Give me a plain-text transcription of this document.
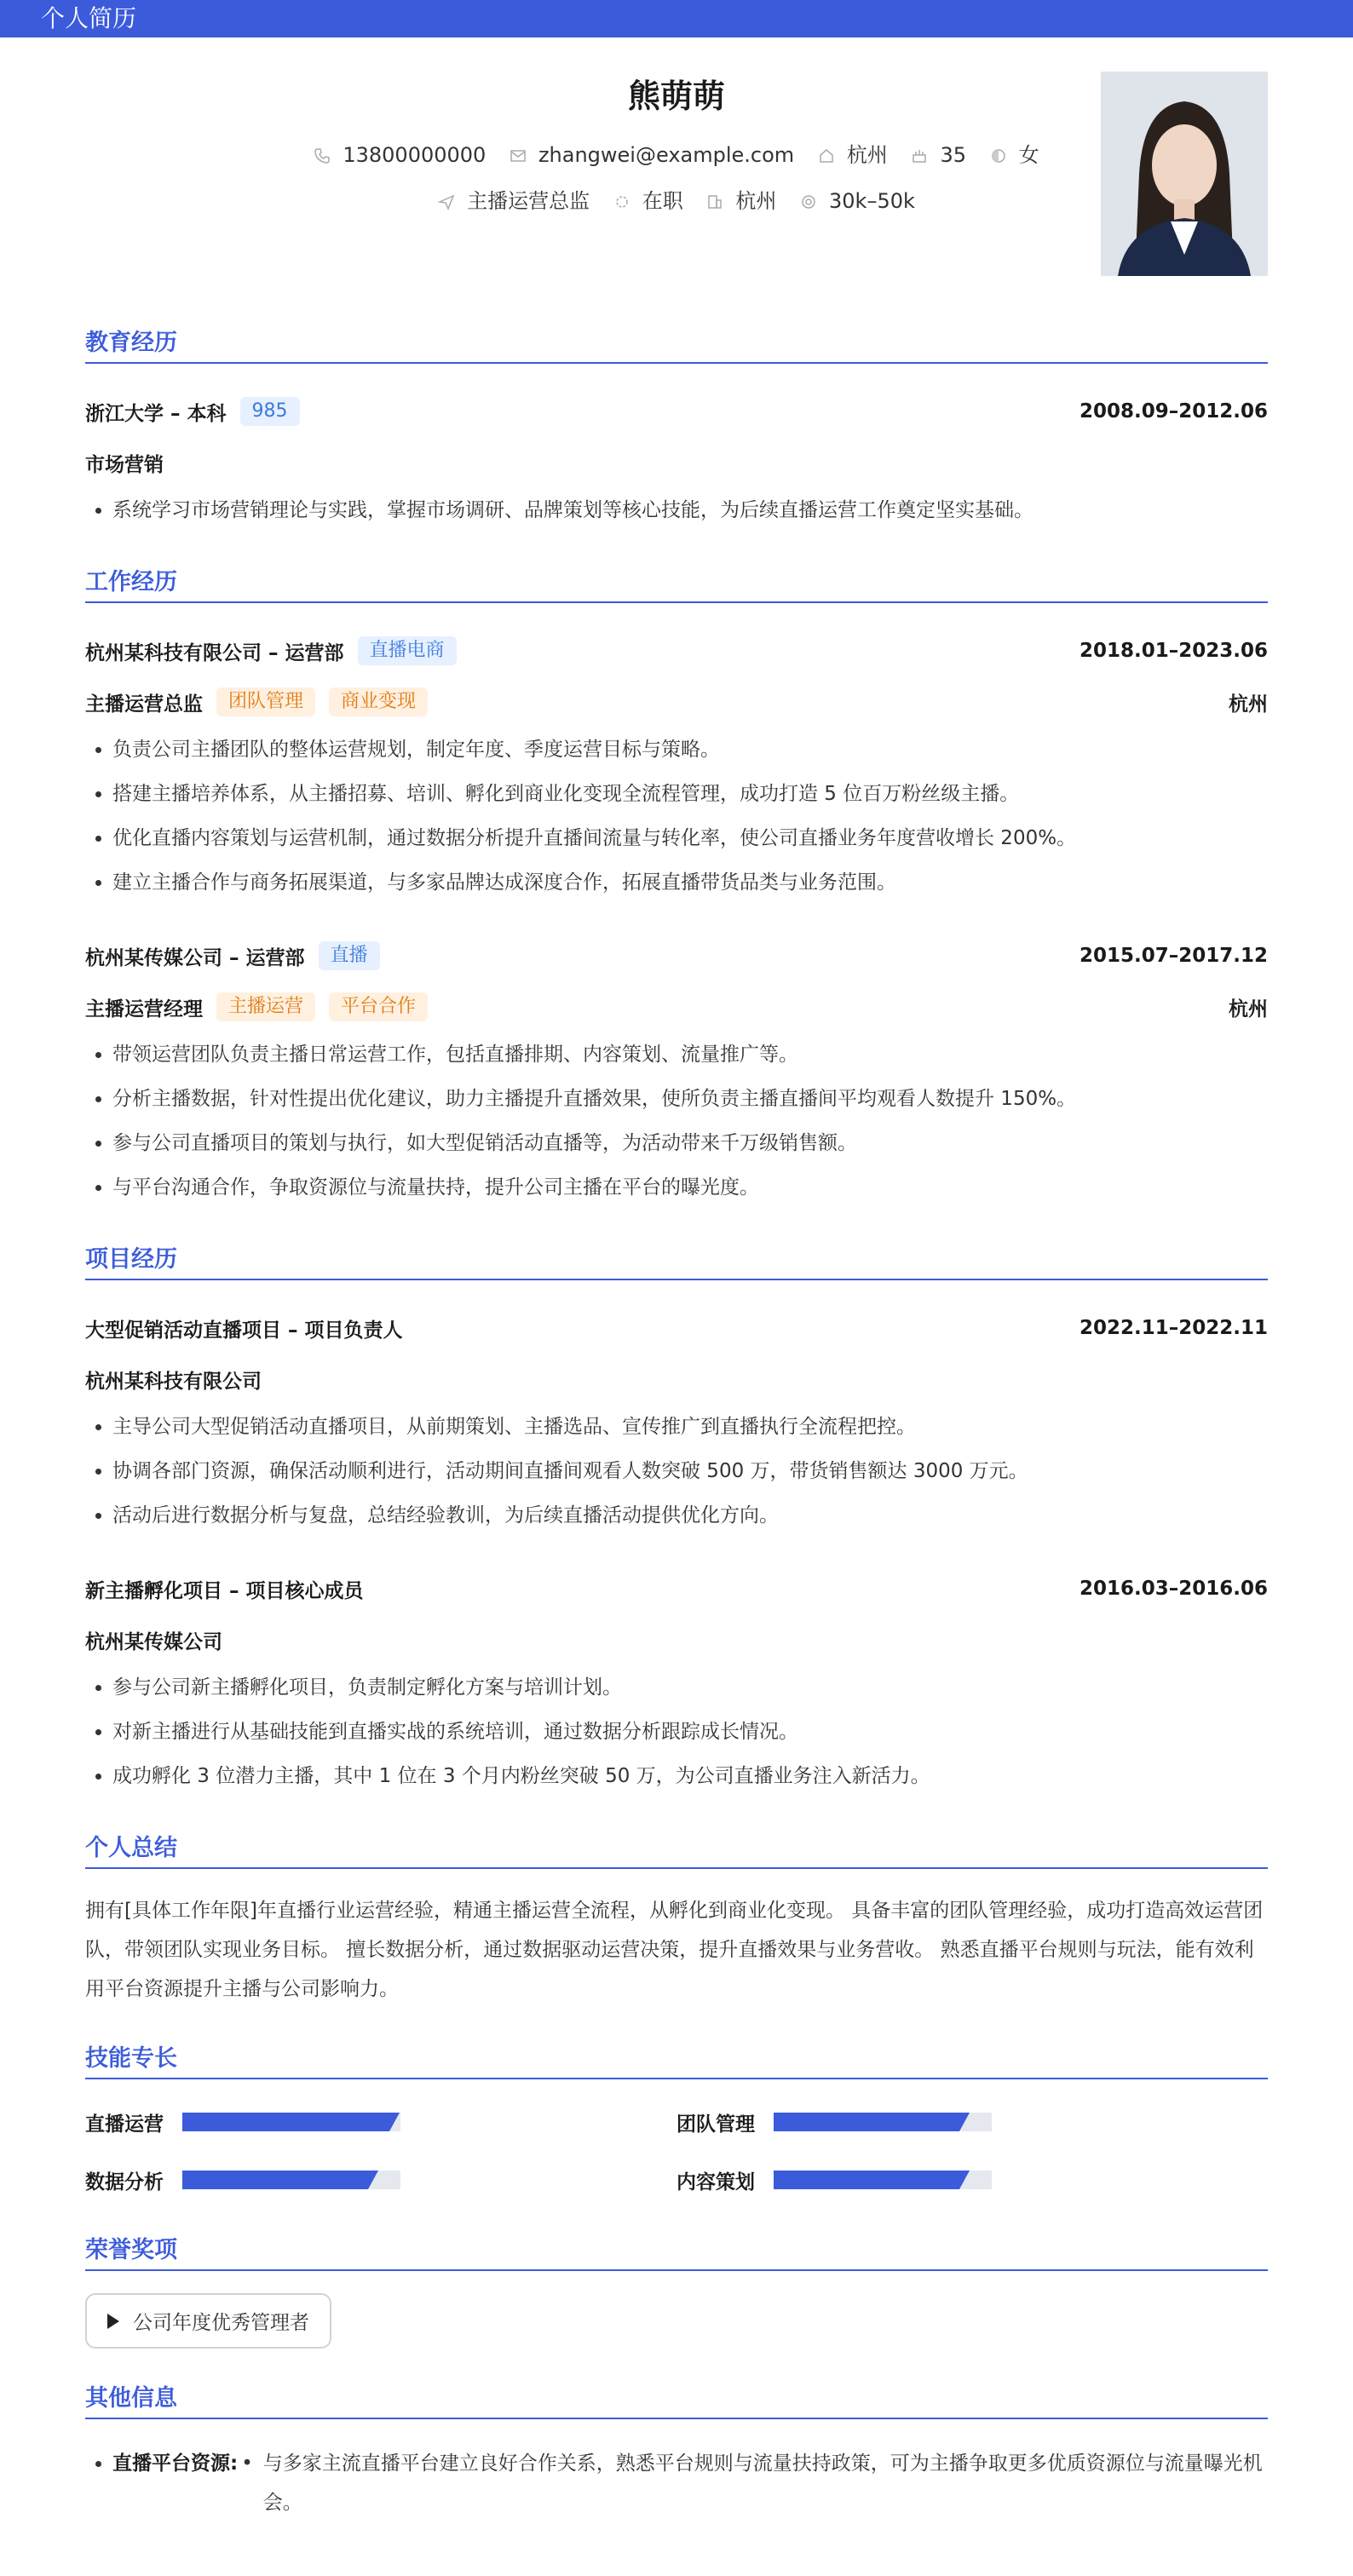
个人简历
熊萌萌
13800000000	zhangwei@example.com	杭州	35	女
主播运营总监	在职	杭州	30k–50k
教育经历
浙江大学 – 本科	985	2008.09–2012.06
市场营销
• 系统学习市场营销理论与实践，掌握市场调研、品牌策划等核心技能，为后续直播运营工作奠定坚实基础。
工作经历
杭州某科技有限公司 – 运营部	直播电商	2018.01–2023.06
主播运营总监	团队管理	商业变现	杭州
• 负责公司主播团队的整体运营规划，制定年度、季度运营目标与策略。
• 搭建主播培养体系，从主播招募、培训、孵化到商业化变现全流程管理，成功打造 5 位百万粉丝级主播。
• 优化直播内容策划与运营机制，通过数据分析提升直播间流量与转化率，使公司直播业务年度营收增长 200%。
• 建立主播合作与商务拓展渠道，与多家品牌达成深度合作，拓展直播带货品类与业务范围。
杭州某传媒公司 – 运营部	直播	2015.07–2017.12
主播运营经理	主播运营	平台合作	杭州
• 带领运营团队负责主播日常运营工作，包括直播排期、内容策划、流量推广等。
• 分析主播数据，针对性提出优化建议，助力主播提升直播效果，使所负责主播直播间平均观看人数提升 150%。
• 参与公司直播项目的策划与执行，如大型促销活动直播等，为活动带来千万级销售额。
• 与平台沟通合作，争取资源位与流量扶持，提升公司主播在平台的曝光度。
项目经历
大型促销活动直播项目 – 项目负责人	2022.11–2022.11
杭州某科技有限公司
• 主导公司大型促销活动直播项目，从前期策划、主播选品、宣传推广到直播执行全流程把控。
• 协调各部门资源，确保活动顺利进行，活动期间直播间观看人数突破 500 万，带货销售额达 3000 万元。
• 活动后进行数据分析与复盘，总结经验教训，为后续直播活动提供优化方向。
新主播孵化项目 – 项目核心成员	2016.03–2016.06
杭州某传媒公司
• 参与公司新主播孵化项目，负责制定孵化方案与培训计划。
• 对新主播进行从基础技能到直播实战的系统培训，通过数据分析跟踪成长情况。
• 成功孵化 3 位潜力主播，其中 1 位在 3 个月内粉丝突破 50 万，为公司直播业务注入新活力。
个人总结

拥有[具体工作年限]年直播行业运营经验，精通主播运营全流程，从孵化到商业化变现。 具备丰富的团队管理经验，成功打造高效运营团队，带领团队实现业务目标。 擅长数据分析，通过数据驱动运营决策，提升直播效果与业务营收。 熟悉直播平台规则与玩法，能有效利用平台资源提升主播与公司影响力。

技能专长
直播运营	团队管理
数据分析	内容策划
荣誉奖项
公司年度优秀管理者
其他信息
• 直播平台资源: • 与多家主流直播平台建立良好合作关系，熟悉平台规则与流量扶持政策，可为主播争取更多优质资源位与流量曝光机会。
